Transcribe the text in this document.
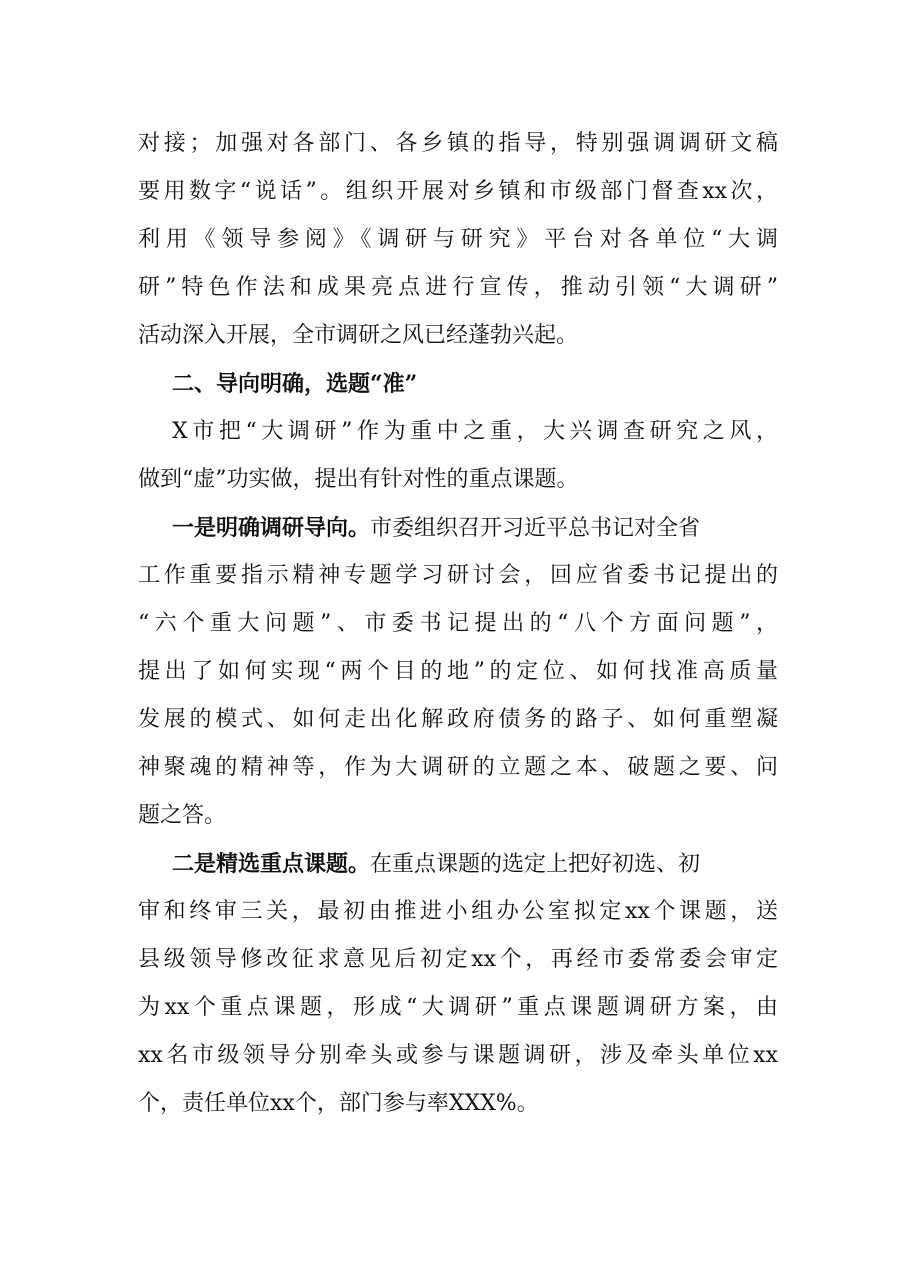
对接；加强对各部门、各乡镇的指导，特别强调调研文稿
要用数字“说话”。组织开展对乡镇和市级部门督查xx次，
利用《领导参阅》《调研与研究》平台对各单位“大调
研”特色作法和成果亮点进行宣传，推动引领“大调研”
活动深入开展，全市调研之风已经蓬勃兴起。
二、导向明确，选题“准”
X市把“大调研”作为重中之重，大兴调查研究之风，
做到“虚”功实做，提出有针对性的重点课题。
一是明确调研导向。市委组织召开习近平总书记对全省
工作重要指示精神专题学习研讨会，回应省委书记提出的
“六个重大问题”、市委书记提出的“八个方面问题”，
提出了如何实现“两个目的地”的定位、如何找准高质量
发展的模式、如何走出化解政府债务的路子、如何重塑凝
神聚魂的精神等，作为大调研的立题之本、破题之要、问
题之答。
二是精选重点课题。在重点课题的选定上把好初选、初
审和终审三关，最初由推进小组办公室拟定xx个课题，送
县级领导修改征求意见后初定xx个，再经市委常委会审定
为xx个重点课题，形成“大调研”重点课题调研方案，由
xx名市级领导分别牵头或参与课题调研，涉及牵头单位xx
个，责任单位xx个，部门参与率XXX%。
